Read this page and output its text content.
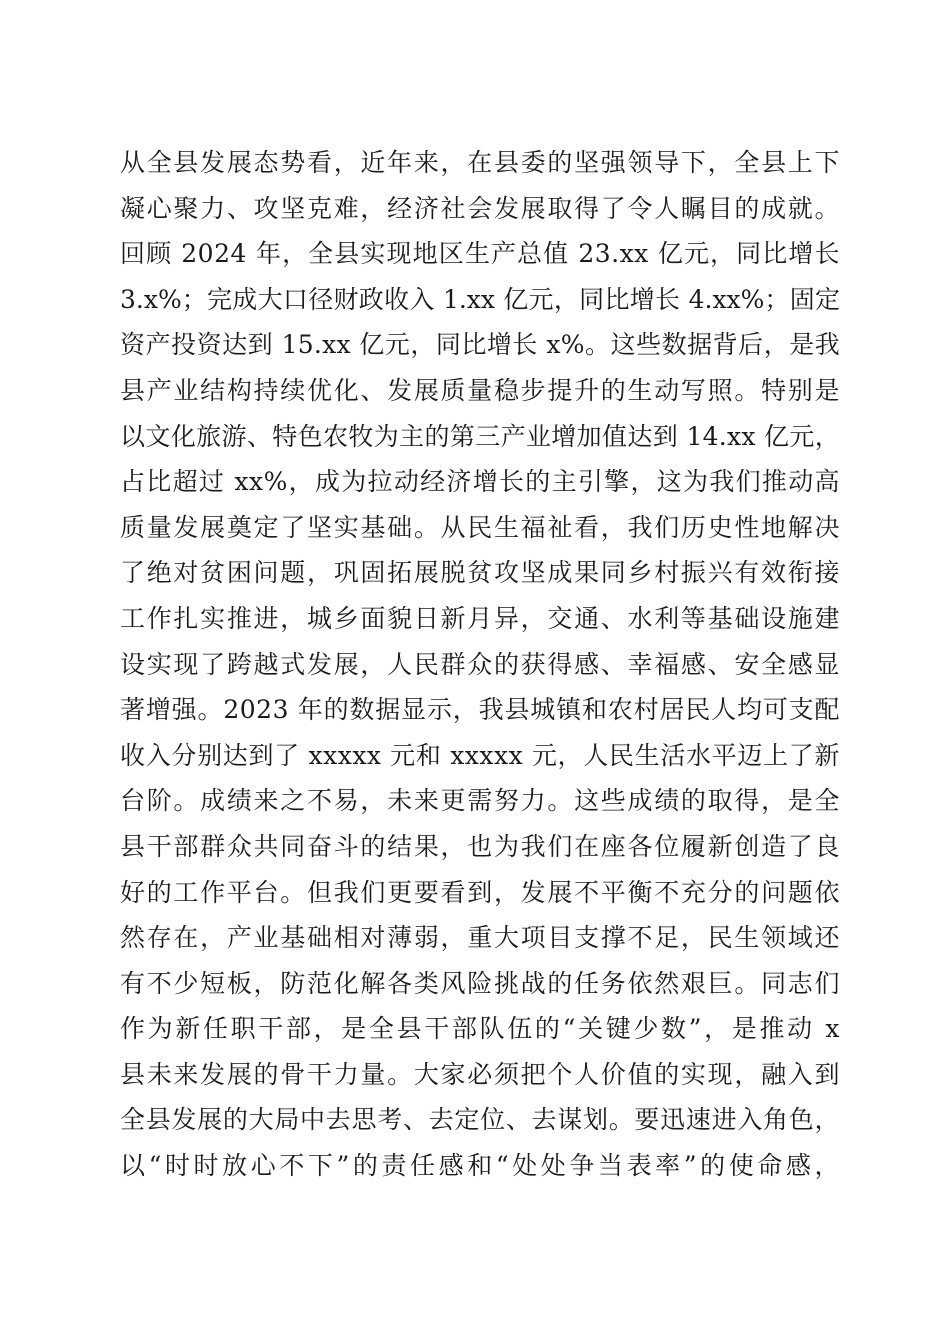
从全县发展态势看，近年来，在县委的坚强领导下，全县上下
凝心聚力、攻坚克难，经济社会发展取得了令人瞩目的成就。
回顾 2024 年，全县实现地区生产总值 23.xx 亿元，同比增长
3.x%；完成大口径财政收入 1.xx 亿元，同比增长 4.xx%；固定
资产投资达到 15.xx 亿元，同比增长 x%。这些数据背后，是我
县产业结构持续优化、发展质量稳步提升的生动写照。特别是
以文化旅游、特色农牧为主的第三产业增加值达到 14.xx 亿元，
占比超过 xx%，成为拉动经济增长的主引擎，这为我们推动高
质量发展奠定了坚实基础。从民生福祉看，我们历史性地解决
了绝对贫困问题，巩固拓展脱贫攻坚成果同乡村振兴有效衔接
工作扎实推进，城乡面貌日新月异，交通、水利等基础设施建
设实现了跨越式发展，人民群众的获得感、幸福感、安全感显
著增强。2023 年的数据显示，我县城镇和农村居民人均可支配
收入分别达到了 xxxxx 元和 xxxxx 元，人民生活水平迈上了新
台阶。成绩来之不易，未来更需努力。这些成绩的取得，是全
县干部群众共同奋斗的结果，也为我们在座各位履新创造了良
好的工作平台。但我们更要看到，发展不平衡不充分的问题依
然存在，产业基础相对薄弱，重大项目支撑不足，民生领域还
有不少短板，防范化解各类风险挑战的任务依然艰巨。同志们
作为新任职干部，是全县干部队伍的“关键少数”，是推动 x
县未来发展的骨干力量。大家必须把个人价值的实现，融入到
全县发展的大局中去思考、去定位、去谋划。要迅速进入角色，
以“时时放心不下”的责任感和“处处争当表率”的使命感，
